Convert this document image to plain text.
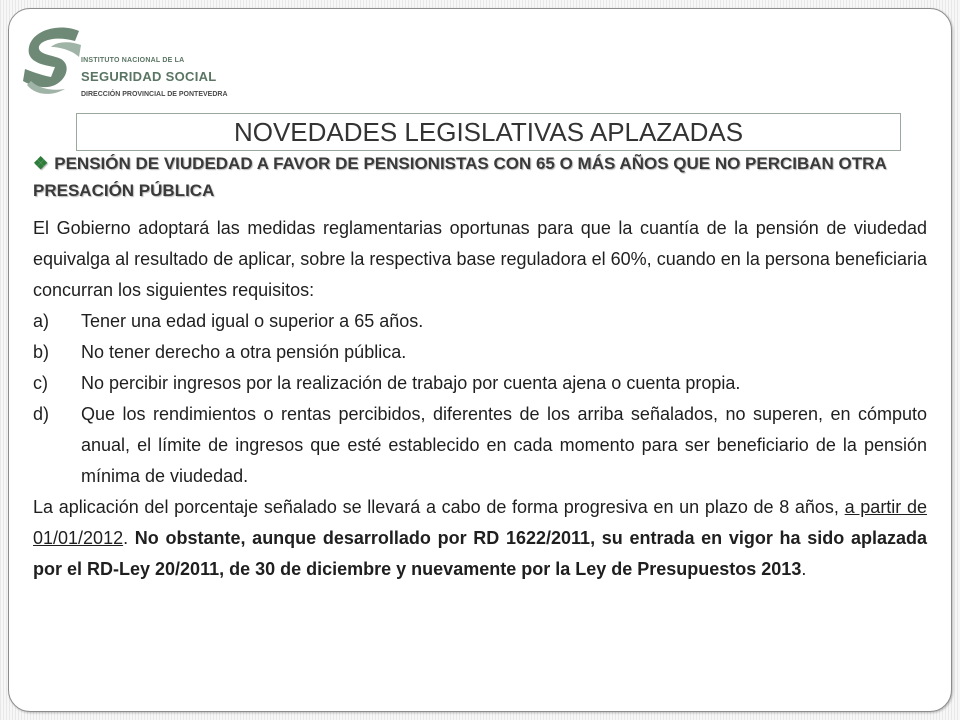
INSTITUTO NACIONAL DE LA
SEGURIDAD SOCIAL
DIRECCIÓN PROVINCIAL DE PONTEVEDRA
NOVEDADES LEGISLATIVAS APLAZADAS
❖ PENSIÓN DE VIUDEDAD A FAVOR DE PENSIONISTAS CON 65 O MÁS AÑOS QUE NO PERCIBAN OTRA PRESACIÓN PÚBLICA

El Gobierno adoptará las medidas reglamentarias oportunas para que la cuantía de la pensión de viudedad equivalga al resultado de aplicar, sobre la respectiva base reguladora el 60%, cuando en la persona beneficiaria concurran los siguientes requisitos:

a)	Tener una edad igual o superior a 65 años.
b)	No tener derecho a otra pensión pública.
c)	No percibir ingresos por la realización de trabajo por cuenta ajena o cuenta propia.
d)	Que los rendimientos o rentas percibidos, diferentes de los arriba señalados, no superen, en cómputo anual, el límite de ingresos que esté establecido en cada momento para ser beneficiario de la pensión mínima de viudedad.

La aplicación del porcentaje señalado se llevará a cabo de forma progresiva en un plazo de 8 años, a partir de 01/01/2012. No obstante, aunque desarrollado por RD 1622/2011, su entrada en vigor ha sido aplazada por el RD-Ley 20/2011, de 30 de diciembre y nuevamente por la Ley de Presupuestos 2013.
